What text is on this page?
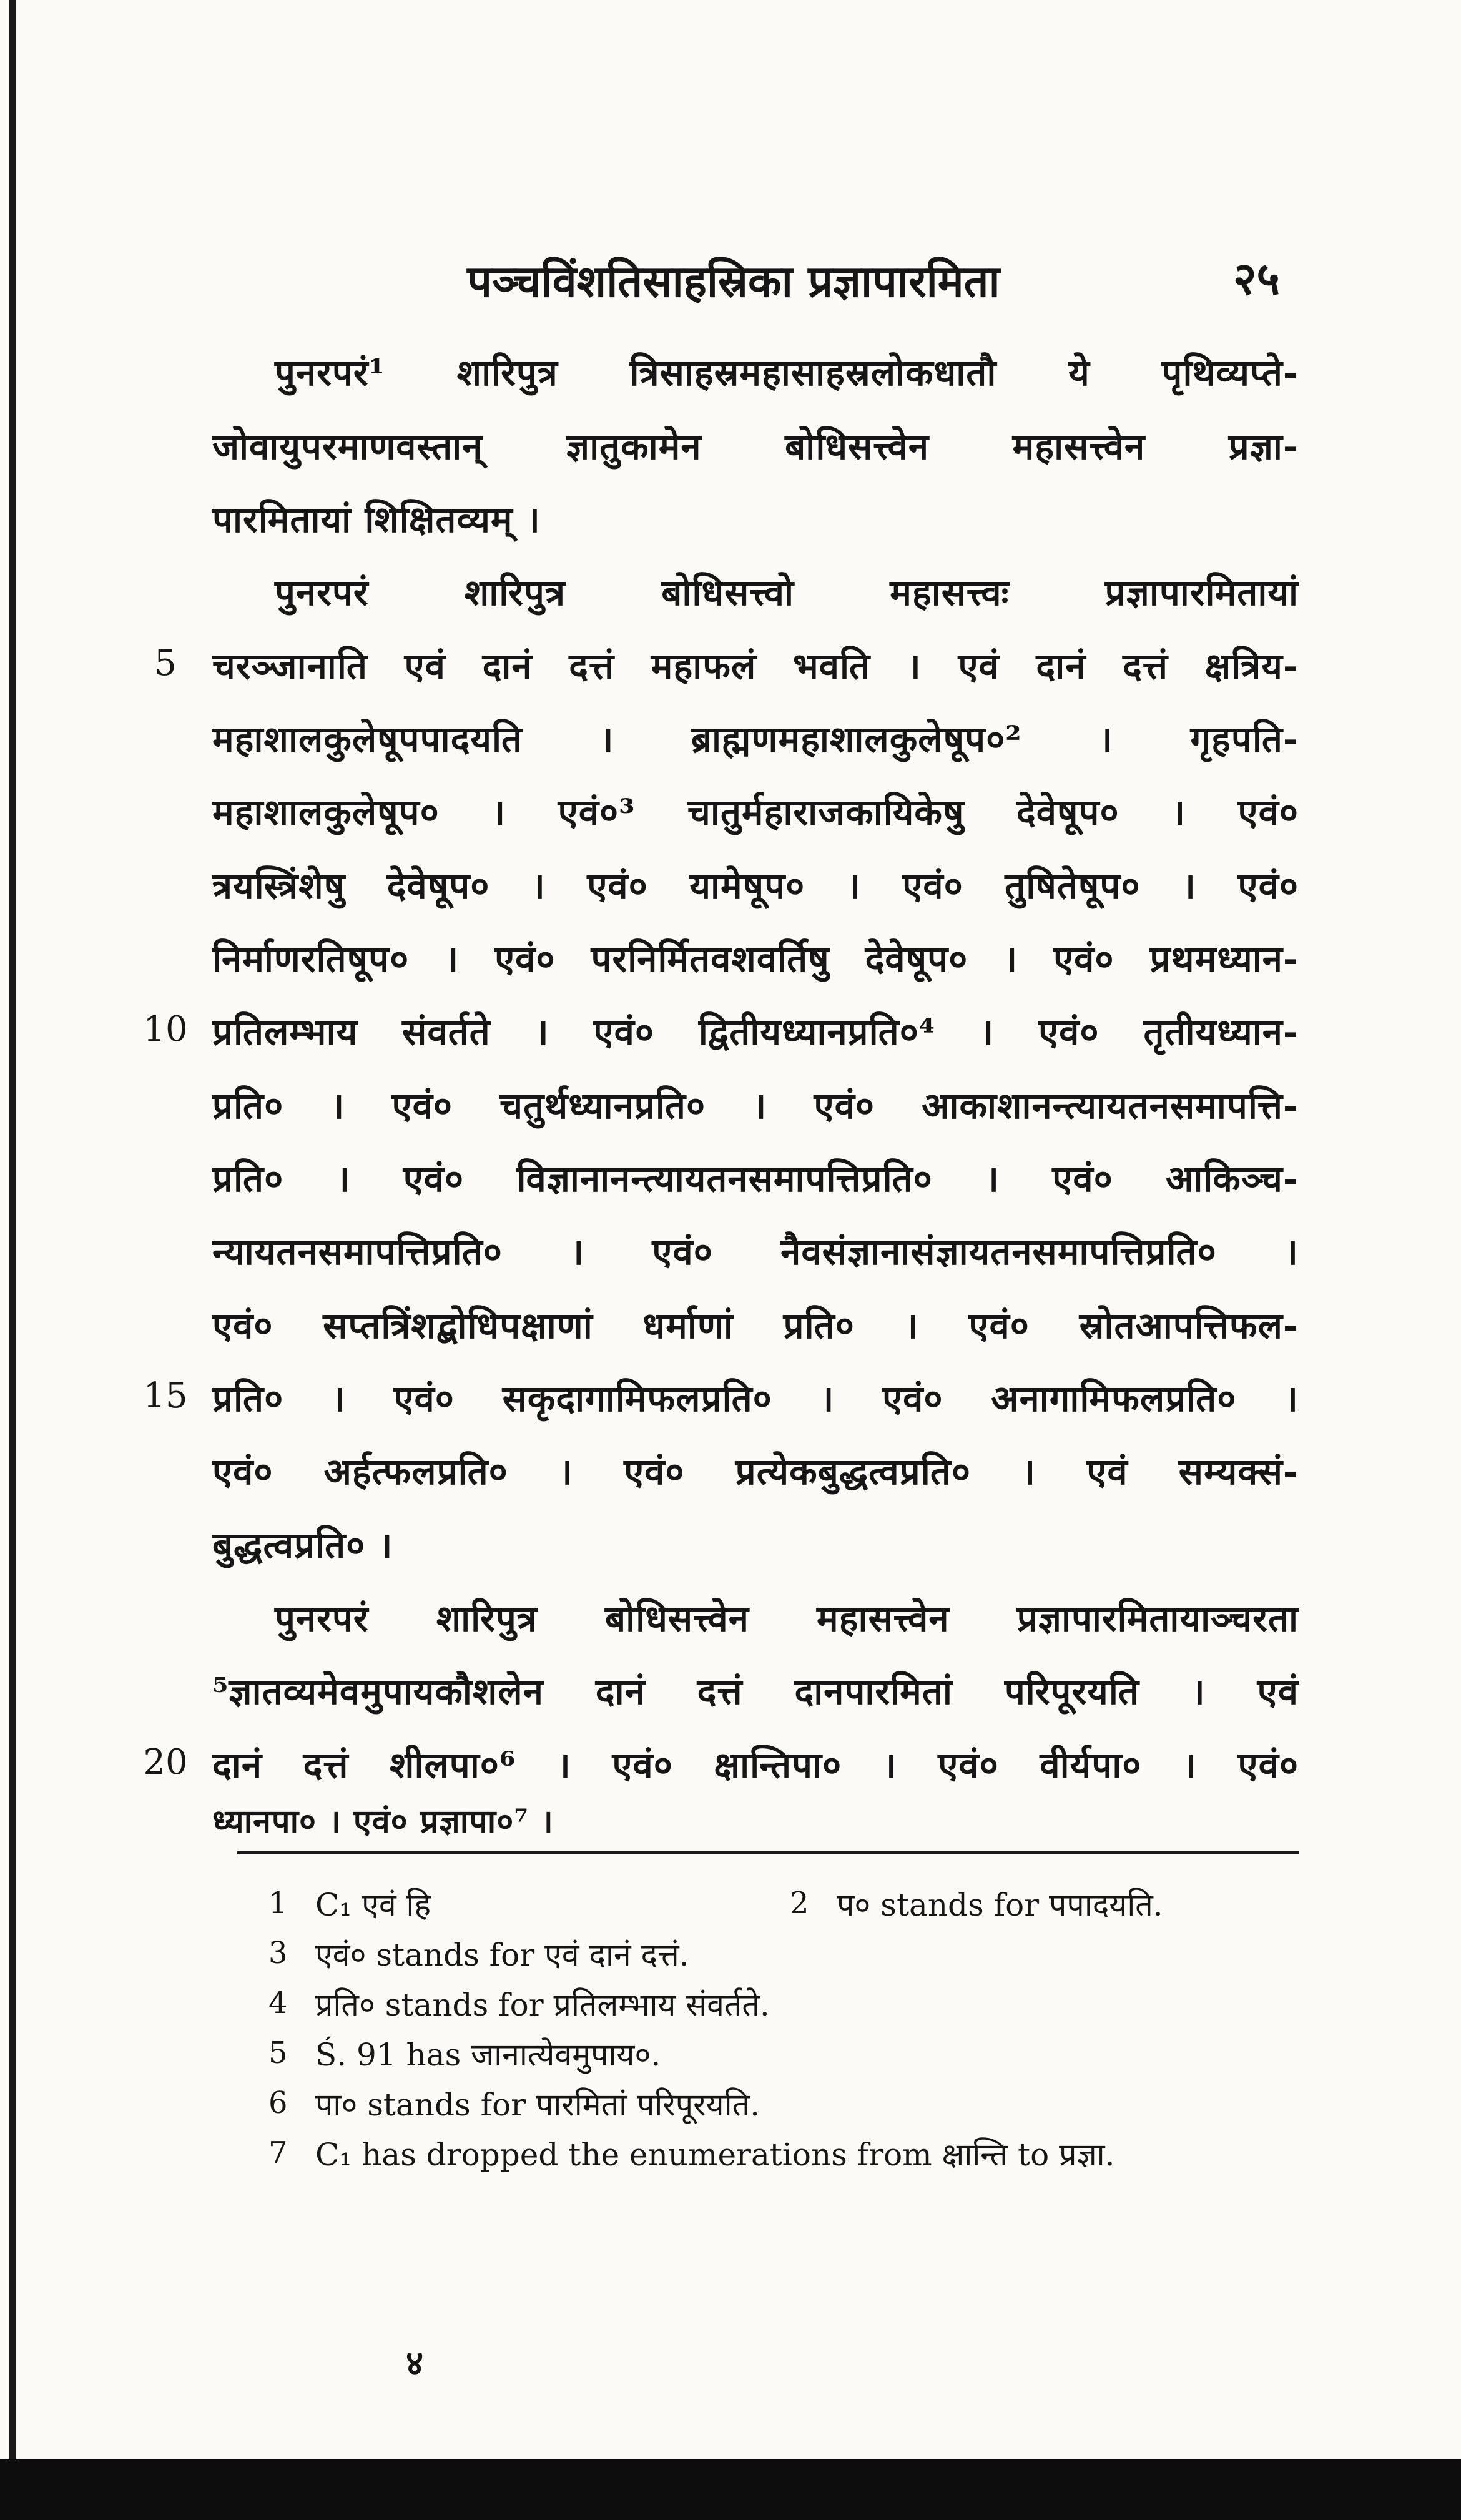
पञ्चविंशतिसाहस्रिका प्रज्ञापारमिता	२५
पुनरपरं¹ शारिपुत्र त्रिसाहस्रमहासाहस्रलोकधातौ ये पृथिव्यप्ते-
जोवायुपरमाणवस्तान् ज्ञातुकामेन बोधिसत्त्वेन महासत्त्वेन प्रज्ञा-
पारमितायां शिक्षितव्यम् ।
पुनरपरं शारिपुत्र बोधिसत्त्वो महासत्त्वः प्रज्ञापारमितायां
चरञ्जानाति एवं दानं दत्तं महाफलं भवति । एवं दानं दत्तं क्षत्रिय-
महाशालकुलेषूपपादयति । ब्राह्मणमहाशालकुलेषूप०² । गृहपति-
महाशालकुलेषूप० । एवं०³ चातुर्महाराजकायिकेषु देवेषूप० । एवं०
त्रयस्त्रिंशेषु देवेषूप० । एवं० यामेषूप० । एवं० तुषितेषूप० । एवं०
निर्माणरतिषूप० । एवं० परनिर्मितवशवर्तिषु देवेषूप० । एवं० प्रथमध्यान-
प्रतिलम्भाय संवर्तते । एवं० द्वितीयध्यानप्रति०⁴ । एवं० तृतीयध्यान-
प्रति० । एवं० चतुर्थध्यानप्रति० । एवं० आकाशानन्त्यायतनसमापत्ति-
प्रति० । एवं० विज्ञानानन्त्यायतनसमापत्तिप्रति० । एवं० आकिञ्च-
न्यायतनसमापत्तिप्रति० । एवं० नैवसंज्ञानासंज्ञायतनसमापत्तिप्रति० ।
एवं० सप्तत्रिंशद्बोधिपक्षाणां धर्माणां प्रति० । एवं० स्रोतआपत्तिफल-
प्रति० । एवं० सकृदागामिफलप्रति० । एवं० अनागामिफलप्रति० ।
एवं० अर्हत्फलप्रति० । एवं० प्रत्येकबुद्धत्वप्रति० । एवं सम्यक्सं-
बुद्धत्वप्रति० ।
पुनरपरं शारिपुत्र बोधिसत्त्वेन महासत्त्वेन प्रज्ञापारमितायाञ्चरता
⁵ज्ञातव्यमेवमुपायकौशलेन दानं दत्तं दानपारमितां परिपूरयति । एवं
दानं दत्तं शीलपा०⁶ । एवं० क्षान्तिपा० । एवं० वीर्यपा० । एवं०
5
10
15
20
ध्यानपा० । एवं० प्रज्ञापा०⁷ ।
1 C₁ एवं हि	2 प० stands for पपादयति.
3 एवं० stands for एवं दानं दत्तं.
4 प्रति० stands for प्रतिलम्भाय संवर्तते.
5 Ś. 91 has जानात्येवमुपाय०.
6 पा० stands for पारमितां परिपूरयति.
7 C₁ has dropped the enumerations from क्षान्ति to प्रज्ञा.
४
